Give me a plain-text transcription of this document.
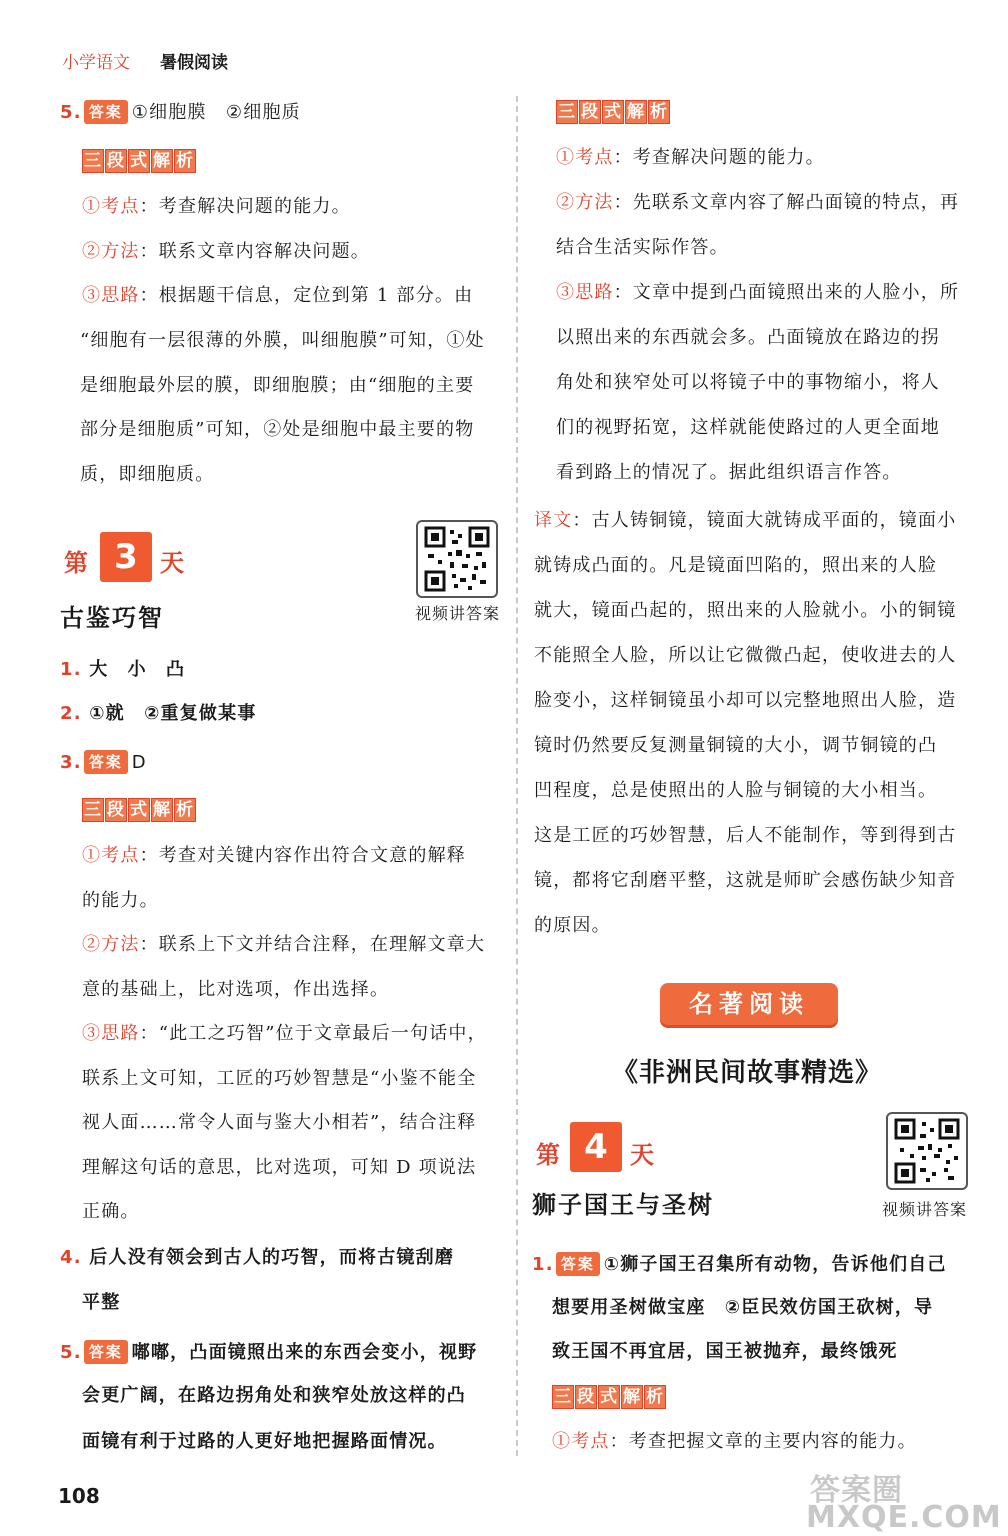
小学语文 暑假阅读
5. 答案 ①细胞膜　②细胞质
三 段 式 解 析
①考点：考查解决问题的能力。
②方法：联系文章内容解决问题。
③思路：根据题干信息，定位到第 1 部分。由
“细胞有一层很薄的外膜，叫细胞膜”可知，①处
是细胞最外层的膜，即细胞膜；由“细胞的主要
部分是细胞质”可知，②处是细胞中最主要的物
质，即细胞质。
第 3 天
古鉴巧智	视频讲答案
1. 大　小　凸
2. ①就　②重复做某事
3. 答案 D
三 段 式 解 析
①考点：考查对关键内容作出符合文意的解释
的能力。
②方法：联系上下文并结合注释，在理解文章大
意的基础上，比对选项，作出选择。
③思路：“此工之巧智”位于文章最后一句话中，
联系上文可知，工匠的巧妙智慧是“小鉴不能全
视人面……常令人面与鉴大小相若”，结合注释
理解这句话的意思，比对选项，可知 D 项说法
正确。
4. 后人没有领会到古人的巧智，而将古镜刮磨
平整
5. 答案 嘟嘟，凸面镜照出来的东西会变小，视野
会更广阔，在路边拐角处和狭窄处放这样的凸
面镜有利于过路的人更好地把握路面情况。
三 段 式 解 析
①考点：考查解决问题的能力。
②方法：先联系文章内容了解凸面镜的特点，再
结合生活实际作答。
③思路：文章中提到凸面镜照出来的人脸小，所
以照出来的东西就会多。凸面镜放在路边的拐
角处和狭窄处可以将镜子中的事物缩小，将人
们的视野拓宽，这样就能使路过的人更全面地
看到路上的情况了。据此组织语言作答。
译文：古人铸铜镜，镜面大就铸成平面的，镜面小
就铸成凸面的。凡是镜面凹陷的，照出来的人脸
就大，镜面凸起的，照出来的人脸就小。小的铜镜
不能照全人脸，所以让它微微凸起，使收进去的人
脸变小，这样铜镜虽小却可以完整地照出人脸，造
镜时仍然要反复测量铜镜的大小，调节铜镜的凸
凹程度，总是使照出的人脸与铜镜的大小相当。
这是工匠的巧妙智慧，后人不能制作，等到得到古
镜，都将它刮磨平整，这就是师旷会感伤缺少知音
的原因。
名著阅读
《非洲民间故事精选》
第 4 天
狮子国王与圣树	视频讲答案
1. 答案 ①狮子国王召集所有动物，告诉他们自己
想要用圣树做宝座　②臣民效仿国王砍树，导
致王国不再宜居，国王被抛弃，最终饿死
三 段 式 解 析
①考点：考查把握文章的主要内容的能力。
108	答案圈
MXQE.COM
